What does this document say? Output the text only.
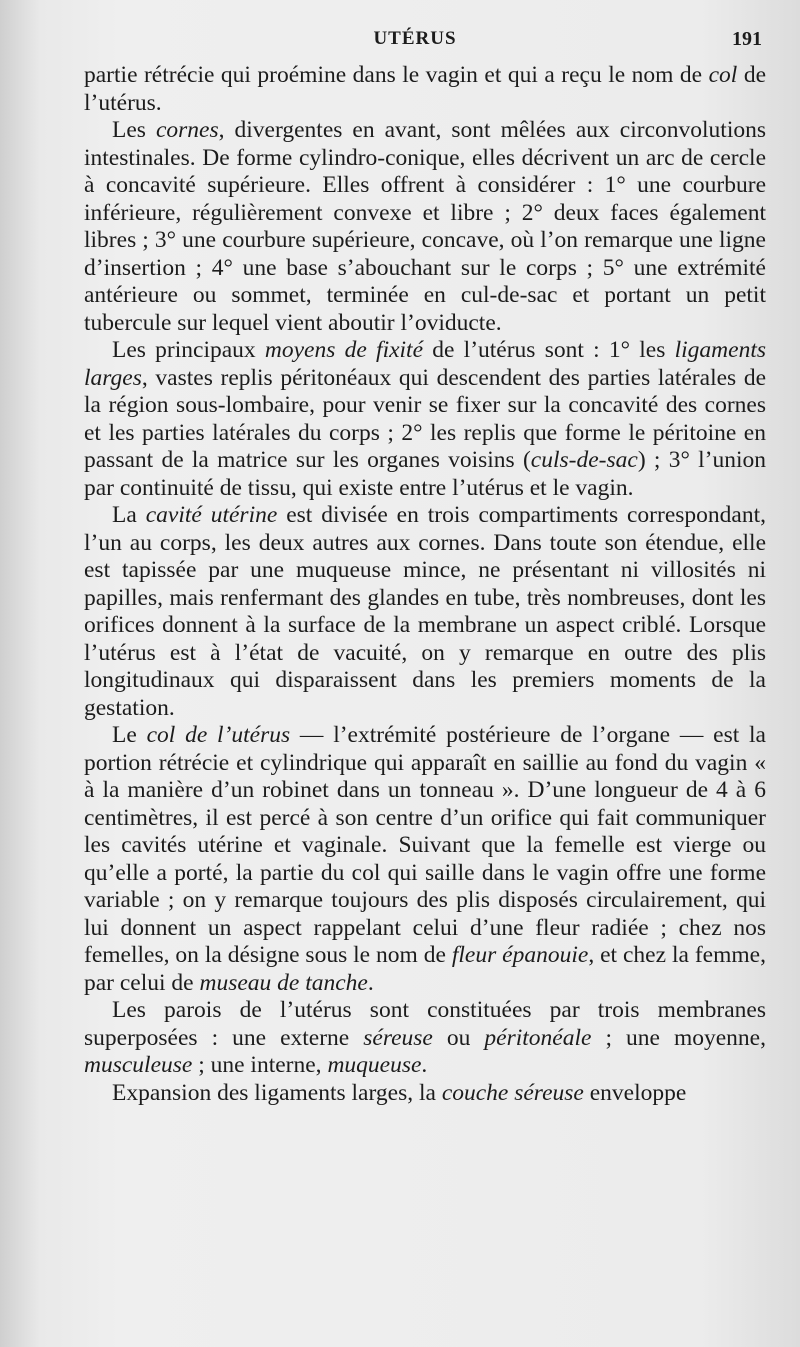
UTÉRUS	191

partie rétrécie qui proémine dans le vagin et qui a reçu le nom de col de l’utérus.

Les cornes, divergentes en avant, sont mêlées aux circonvolutions intestinales. De forme cylindro-conique, elles décrivent un arc de cercle à concavité supérieure. Elles offrent à considérer : 1° une courbure inférieure, régulièrement convexe et libre ; 2° deux faces également libres ; 3° une courbure supérieure, concave, où l’on remarque une ligne d’insertion ; 4° une base s’abouchant sur le corps ; 5° une extrémité antérieure ou sommet, terminée en cul-de-sac et portant un petit tubercule sur lequel vient aboutir l’oviducte.

Les principaux moyens de fixité de l’utérus sont : 1° les ligaments larges, vastes replis péritonéaux qui descendent des parties latérales de la région sous-lombaire, pour venir se fixer sur la concavité des cornes et les parties latérales du corps ; 2° les replis que forme le péritoine en passant de la matrice sur les organes voisins (culs-de-sac) ; 3° l’union par continuité de tissu, qui existe entre l’utérus et le vagin.

La cavité utérine est divisée en trois compartiments correspondant, l’un au corps, les deux autres aux cornes. Dans toute son étendue, elle est tapissée par une muqueuse mince, ne présentant ni villosités ni papilles, mais renfermant des glandes en tube, très nombreuses, dont les orifices donnent à la surface de la membrane un aspect criblé. Lorsque l’utérus est à l’état de vacuité, on y remarque en outre des plis longitudinaux qui disparaissent dans les premiers moments de la gestation.

Le col de l’utérus — l’extrémité postérieure de l’organe — est la portion rétrécie et cylindrique qui apparaît en saillie au fond du vagin « à la manière d’un robinet dans un tonneau ». D’une longueur de 4 à 6 centimètres, il est percé à son centre d’un orifice qui fait communiquer les cavités utérine et vaginale. Suivant que la femelle est vierge ou qu’elle a porté, la partie du col qui saille dans le vagin offre une forme variable ; on y remarque toujours des plis disposés circulairement, qui lui donnent un aspect rappelant celui d’une fleur radiée ; chez nos femelles, on la désigne sous le nom de fleur épanouie, et chez la femme, par celui de museau de tanche.

Les parois de l’utérus sont constituées par trois membranes superposées : une externe séreuse ou péritonéale ; une moyenne, musculeuse ; une interne, muqueuse.

Expansion des ligaments larges, la couche séreuse enveloppe
